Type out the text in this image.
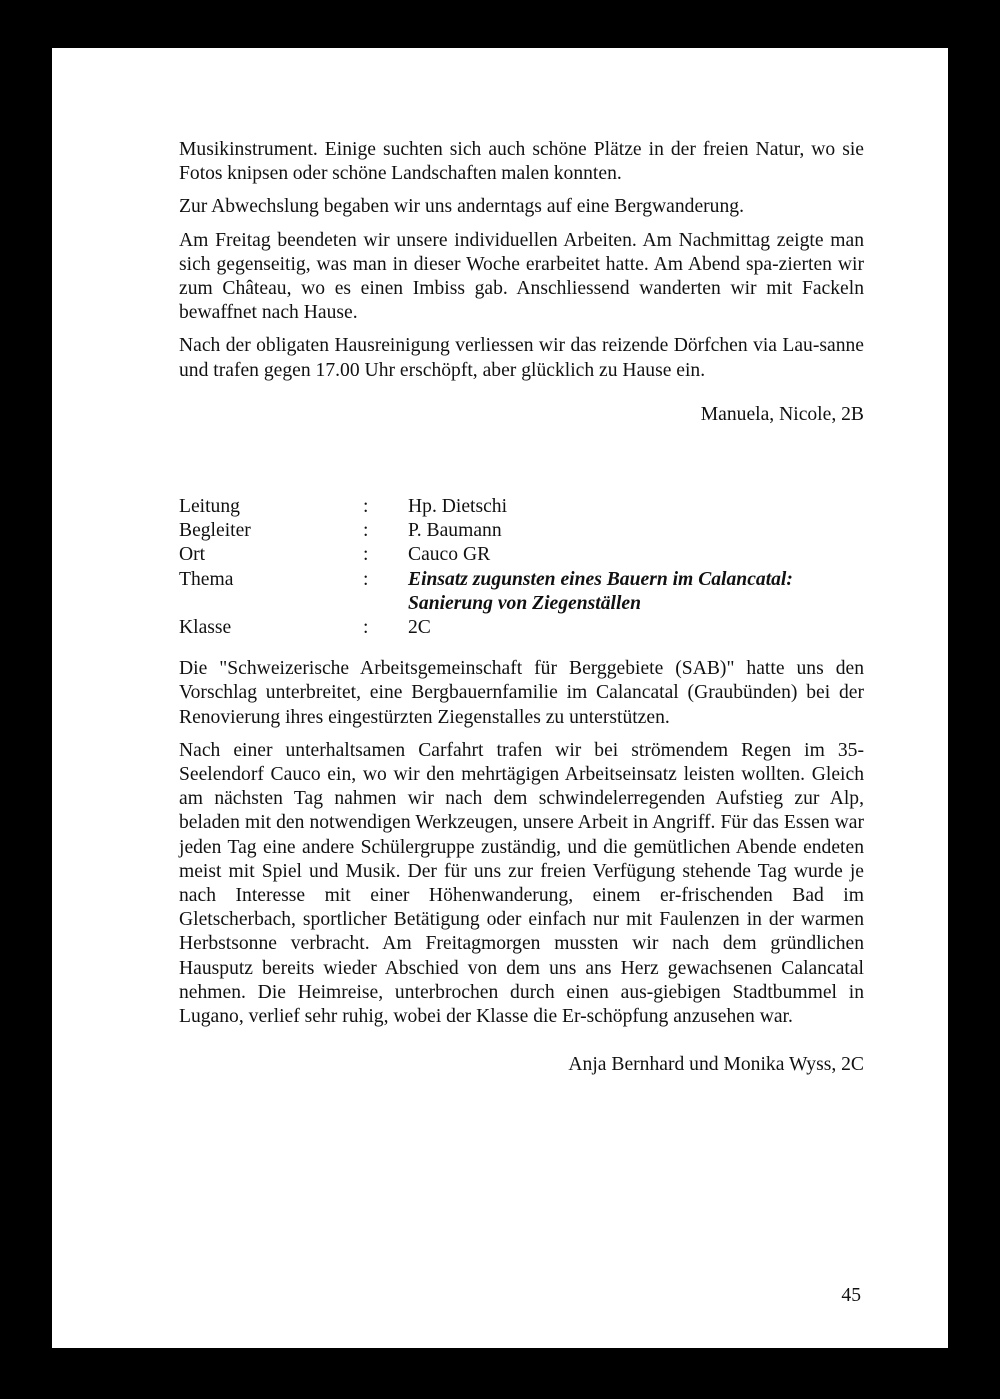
Musikinstrument. Einige suchten sich auch schöne Plätze in der freien Natur, wo sie Fotos knipsen oder schöne Landschaften malen konnten.

Zur Abwechslung begaben wir uns anderntags auf eine Bergwanderung.

Am Freitag beendeten wir unsere individuellen Arbeiten. Am Nachmittag zeigte man sich gegenseitig, was man in dieser Woche erarbeitet hatte. Am Abend spa-zierten wir zum Château, wo es einen Imbiss gab. Anschliessend wanderten wir mit Fackeln bewaffnet nach Hause.

Nach der obligaten Hausreinigung verliessen wir das reizende Dörfchen via Lau-sanne und trafen gegen 17.00 Uhr erschöpft, aber glücklich zu Hause ein.

Manuela, Nicole, 2B

Leitung	: Hp. Dietschi
Begleiter	: P. Baumann
Ort	: Cauco GR
Thema	: Einsatz zugunsten eines Bauern im Calancatal:
Sanierung von Ziegenställen
Klasse	: 2C

Die "Schweizerische Arbeitsgemeinschaft für Berggebiete (SAB)" hatte uns den Vorschlag unterbreitet, eine Bergbauernfamilie im Calancatal (Graubünden) bei der Renovierung ihres eingestürzten Ziegenstalles zu unterstützen.

Nach einer unterhaltsamen Carfahrt trafen wir bei strömendem Regen im 35-Seelendorf Cauco ein, wo wir den mehrtägigen Arbeitseinsatz leisten wollten. Gleich am nächsten Tag nahmen wir nach dem schwindelerregenden Aufstieg zur Alp, beladen mit den notwendigen Werkzeugen, unsere Arbeit in Angriff. Für das Essen war jeden Tag eine andere Schülergruppe zuständig, und die gemütlichen Abende endeten meist mit Spiel und Musik. Der für uns zur freien Verfügung stehende Tag wurde je nach Interesse mit einer Höhenwanderung, einem er-frischenden Bad im Gletscherbach, sportlicher Betätigung oder einfach nur mit Faulenzen in der warmen Herbstsonne verbracht. Am Freitagmorgen mussten wir nach dem gründlichen Hausputz bereits wieder Abschied von dem uns ans Herz gewachsenen Calancatal nehmen. Die Heimreise, unterbrochen durch einen aus-giebigen Stadtbummel in Lugano, verlief sehr ruhig, wobei der Klasse die Er-schöpfung anzusehen war.

Anja Bernhard und Monika Wyss, 2C

45
